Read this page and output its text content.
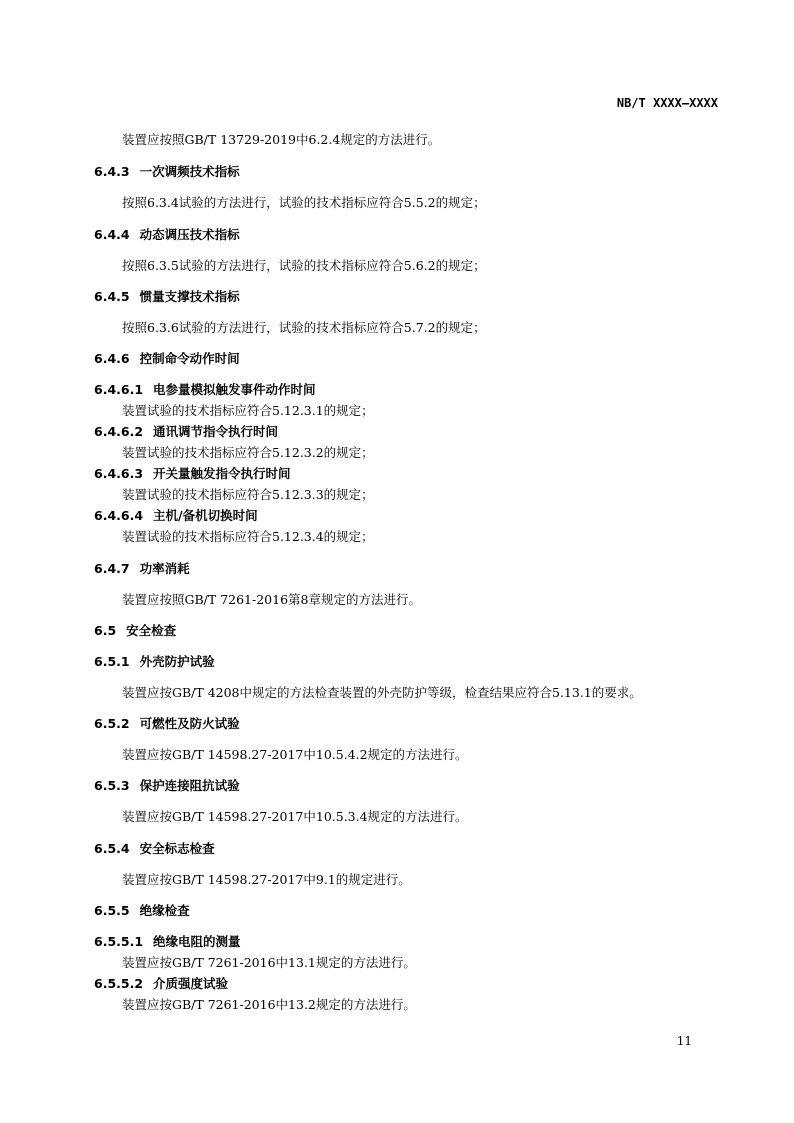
NB/T XXXX—XXXX
装置应按照GB/T 13729-2019中6.2.4规定的方法进行。
6.4.3 一次调频技术指标
按照6.3.4试验的方法进行，试验的技术指标应符合5.5.2的规定；
6.4.4 动态调压技术指标
按照6.3.5试验的方法进行，试验的技术指标应符合5.6.2的规定；
6.4.5 惯量支撑技术指标
按照6.3.6试验的方法进行，试验的技术指标应符合5.7.2的规定；
6.4.6 控制命令动作时间
6.4.6.1 电参量模拟触发事件动作时间
装置试验的技术指标应符合5.12.3.1的规定；
6.4.6.2 通讯调节指令执行时间
装置试验的技术指标应符合5.12.3.2的规定；
6.4.6.3 开关量触发指令执行时间
装置试验的技术指标应符合5.12.3.3的规定；
6.4.6.4 主机/备机切换时间
装置试验的技术指标应符合5.12.3.4的规定；
6.4.7 功率消耗
装置应按照GB/T 7261-2016第8章规定的方法进行。
6.5 安全检查
6.5.1 外壳防护试验
装置应按GB/T 4208中规定的方法检查装置的外壳防护等级，检查结果应符合5.13.1的要求。
6.5.2 可燃性及防火试验
装置应按GB/T 14598.27-2017中10.5.4.2规定的方法进行。
6.5.3 保护连接阻抗试验
装置应按GB/T 14598.27-2017中10.5.3.4规定的方法进行。
6.5.4 安全标志检查
装置应按GB/T 14598.27-2017中9.1的规定进行。
6.5.5 绝缘检查
6.5.5.1 绝缘电阻的测量
装置应按GB/T 7261-2016中13.1规定的方法进行。
6.5.5.2 介质强度试验
装置应按GB/T 7261-2016中13.2规定的方法进行。
11
